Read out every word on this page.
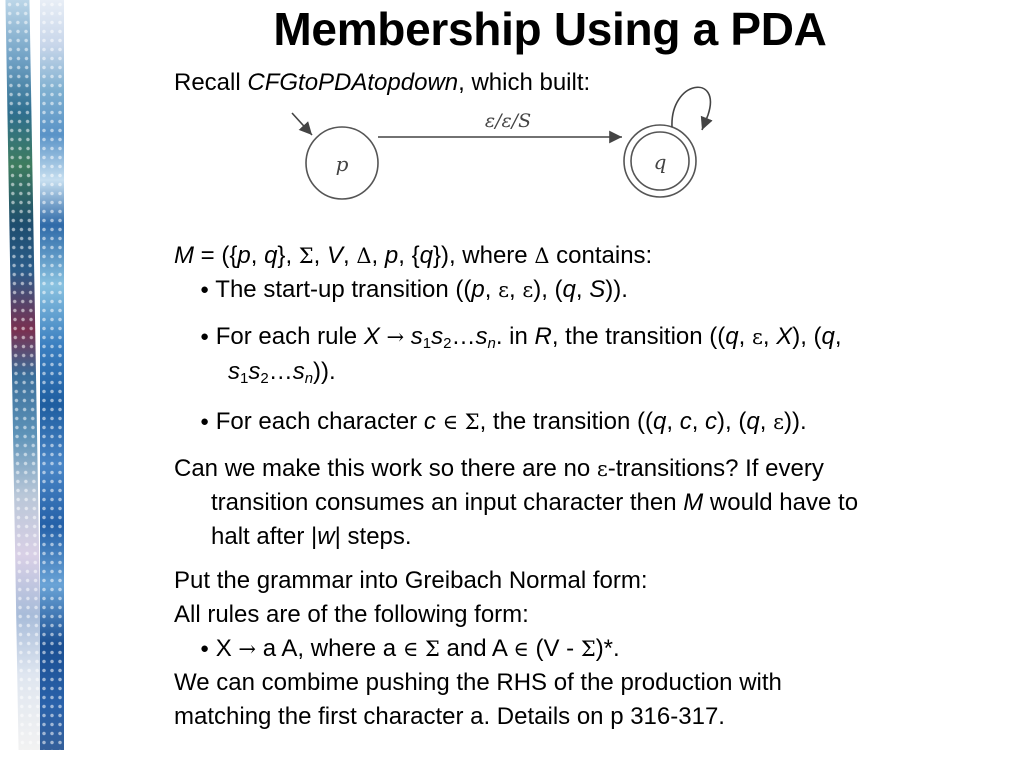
Membership Using a PDA
Recall CFGtoPDAtopdown, which built:
p
ε/ε/S
q
M = ({p, q}, Σ, V, Δ, p, {q}), where Δ contains:
● The start-up transition ((p, ε, ε), (q, S)).
● For each rule $X \to s_1s_2\dots s_n$. in R, the transition ((q, ε, X), (q,
$s_1s_2\dots s_n$)).
● For each character c ∈ Σ, the transition ((q, c, c), (q, ε)).
Can we make this work so there are no ε-transitions? If every
transition consumes an input character then M would have to
halt after |w| steps.
Put the grammar into Greibach Normal form:
All rules are of the following form:
● X → a A, where a ∈ Σ and A ∈ (V - Σ)*.
We can combime pushing the RHS of the production with
matching the first character a. Details on p 316-317.
